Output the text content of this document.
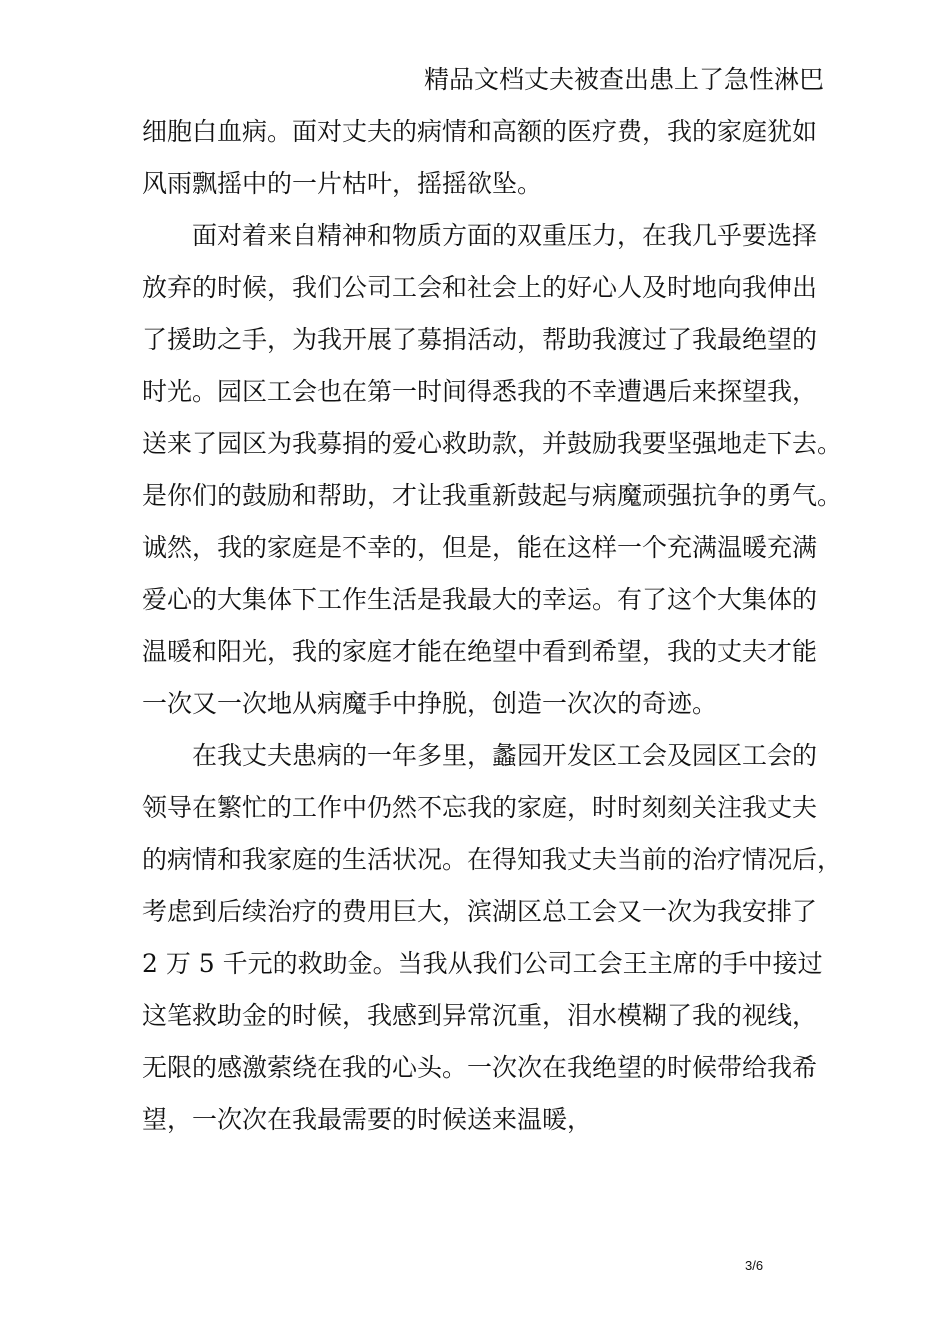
精品文档丈夫被查出患上了急性淋巴
细胞白血病。面对丈夫的病情和高额的医疗费，我的家庭犹如
风雨飘摇中的一片枯叶，摇摇欲坠。
面对着来自精神和物质方面的双重压力，在我几乎要选择
放弃的时候，我们公司工会和社会上的好心人及时地向我伸出
了援助之手，为我开展了募捐活动，帮助我渡过了我最绝望的
时光。园区工会也在第一时间得悉我的不幸遭遇后来探望我，
送来了园区为我募捐的爱心救助款，并鼓励我要坚强地走下去。
是你们的鼓励和帮助，才让我重新鼓起与病魔顽强抗争的勇气。
诚然，我的家庭是不幸的，但是，能在这样一个充满温暖充满
爱心的大集体下工作生活是我最大的幸运。有了这个大集体的
温暖和阳光，我的家庭才能在绝望中看到希望，我的丈夫才能
一次又一次地从病魔手中挣脱，创造一次次的奇迹。
在我丈夫患病的一年多里，蠡园开发区工会及园区工会的
领导在繁忙的工作中仍然不忘我的家庭，时时刻刻关注我丈夫
的病情和我家庭的生活状况。在得知我丈夫当前的治疗情况后，
考虑到后续治疗的费用巨大，滨湖区总工会又一次为我安排了
2 万 5 千元的救助金。当我从我们公司工会王主席的手中接过
这笔救助金的时候，我感到异常沉重，泪水模糊了我的视线，
无限的感激萦绕在我的心头。一次次在我绝望的时候带给我希
望，一次次在我最需要的时候送来温暖，
3/6
